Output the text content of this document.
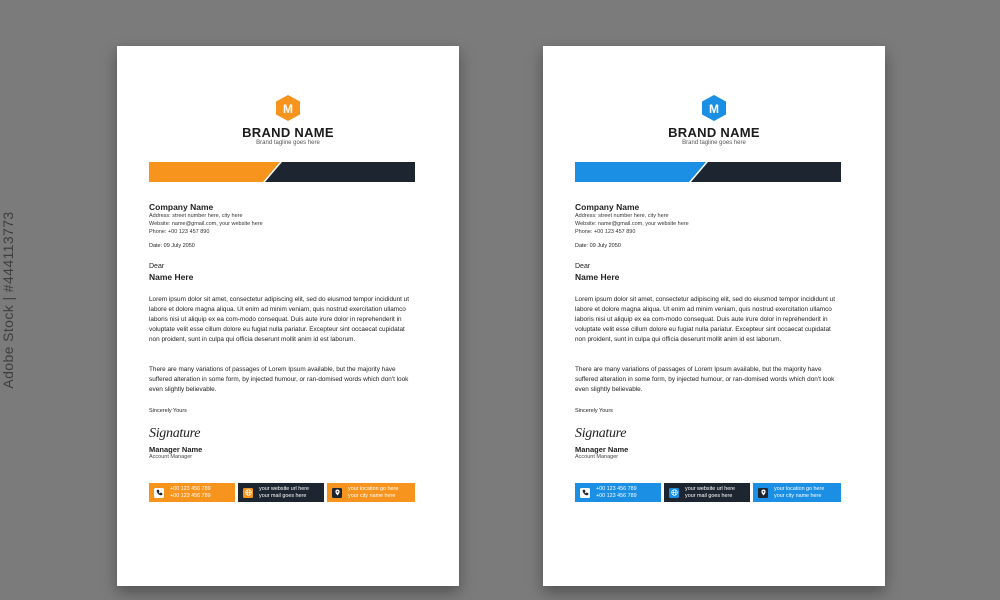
Adobe Stock | #444113773
M
BRAND NAME
Brand tagline goes here
Company Name
Address: street number here, city here
Website: name@gmail.com, your website here
Phone: +00 123 457 890
Date: 09 July 2050
Dear
Name Here
Lorem ipsum dolor sit amet, consectetur adipiscing elit, sed do eiusmod tempor incididunt ut labore et dolore magna aliqua. Ut enim ad minim veniam, quis nostrud exercitation ullamco laboris nisi ut aliquip ex ea com-modo consequat. Duis aute irure dolor in reprehenderit in voluptate velit esse cillum dolore eu fugiat nulla pariatur. Excepteur sint occaecat cupidatat non proident, sunt in culpa qui officia deserunt mollit anim id est laborum.
There are many variations of passages of Lorem Ipsum available, but the majority have suffered alteration in some form, by injected humour, or ran-domised words which don't look even slightly believable.
Sincerely Yours
Signature
Manager Name
Account Manager
+00 123 456 789
+00 123 456 789
your website url here
your mail goes here
your location go here
your city name here
M
BRAND NAME
Brand tagline goes here
Company Name
Address: street number here, city here
Website: name@gmail.com, your website here
Phone: +00 123 457 890
Date: 09 July 2050
Dear
Name Here
Lorem ipsum dolor sit amet, consectetur adipiscing elit, sed do eiusmod tempor incididunt ut labore et dolore magna aliqua. Ut enim ad minim veniam, quis nostrud exercitation ullamco laboris nisi ut aliquip ex ea com-modo consequat. Duis aute irure dolor in reprehenderit in voluptate velit esse cillum dolore eu fugiat nulla pariatur. Excepteur sint occaecat cupidatat non proident, sunt in culpa qui officia deserunt mollit anim id est laborum.
There are many variations of passages of Lorem Ipsum available, but the majority have suffered alteration in some form, by injected humour, or ran-domised words which don't look even slightly believable.
Sincerely Yours
Signature
Manager Name
Account Manager
+00 123 456 789
+00 123 456 789
your website url here
your mail goes here
your location go here
your city name here
